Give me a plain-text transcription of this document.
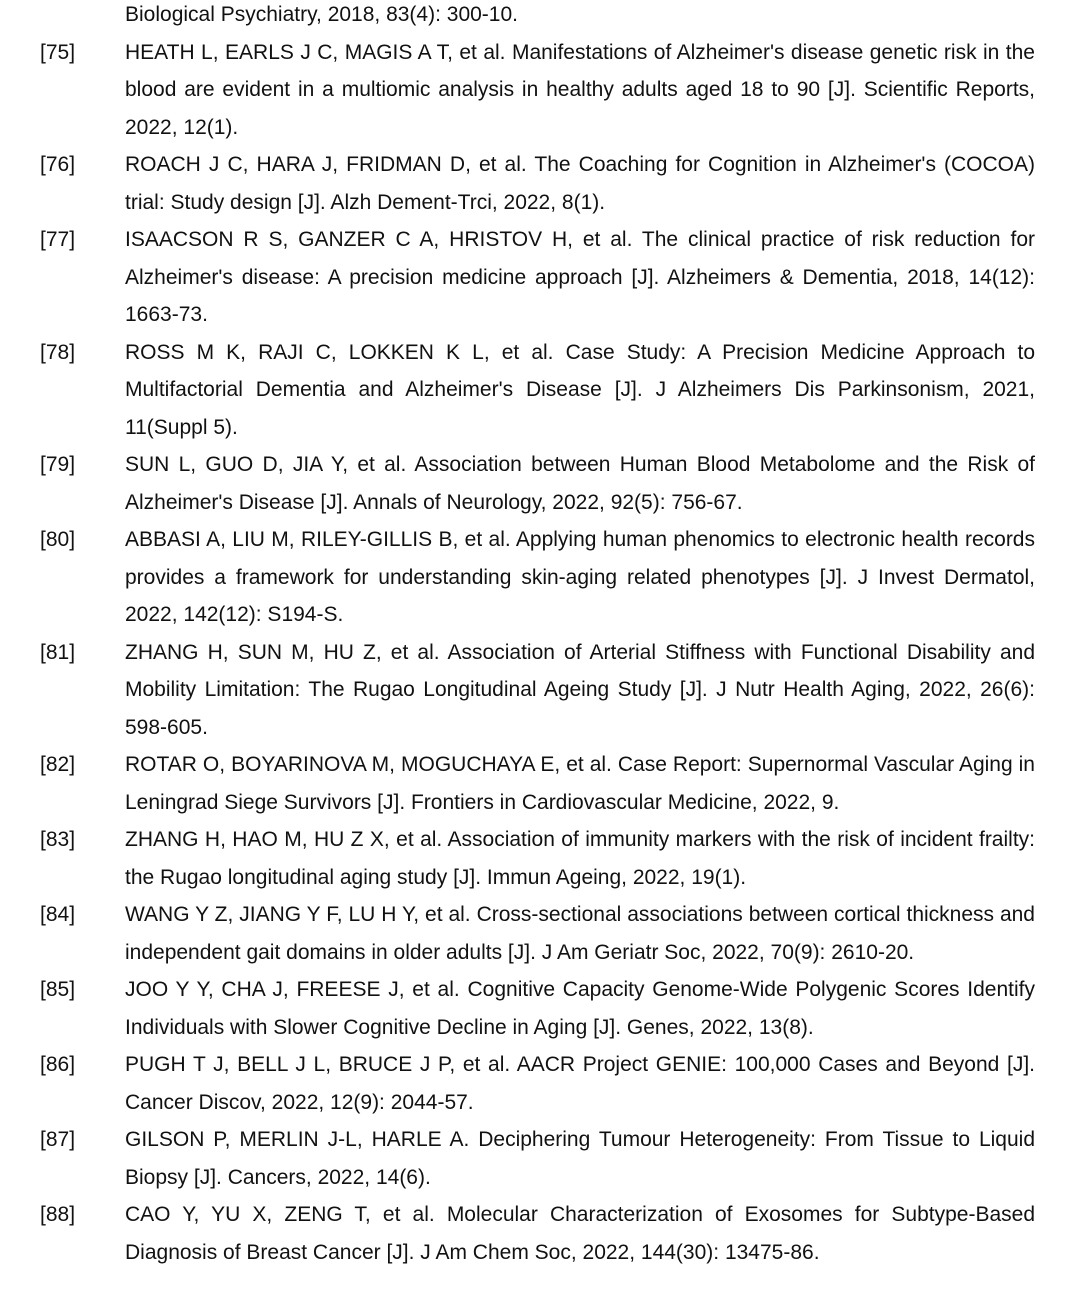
Biological Psychiatry, 2018, 83(4): 300-10.
[75]	HEATH L, EARLS J C, MAGIS A T, et al. Manifestations of Alzheimer's disease genetic risk in the blood are evident in a multiomic analysis in healthy adults aged 18 to 90 [J]. Scientific Reports, 2022, 12(1).
[76]	ROACH J C, HARA J, FRIDMAN D, et al. The Coaching for Cognition in Alzheimer's (COCOA) trial: Study design [J]. Alzh Dement-Trci, 2022, 8(1).
[77]	ISAACSON R S, GANZER C A, HRISTOV H, et al. The clinical practice of risk reduction for Alzheimer's disease: A precision medicine approach [J]. Alzheimers & Dementia, 2018, 14(12): 1663-73.
[78]	ROSS M K, RAJI C, LOKKEN K L, et al. Case Study: A Precision Medicine Approach to Multifactorial Dementia and Alzheimer's Disease [J]. J Alzheimers Dis Parkinsonism, 2021, 11(Suppl 5).
[79]	SUN L, GUO D, JIA Y, et al. Association between Human Blood Metabolome and the Risk of Alzheimer's Disease [J]. Annals of Neurology, 2022, 92(5): 756-67.
[80]	ABBASI A, LIU M, RILEY-GILLIS B, et al. Applying human phenomics to electronic health records provides a framework for understanding skin-aging related phenotypes [J]. J Invest Dermatol, 2022, 142(12): S194-S.
[81]	ZHANG H, SUN M, HU Z, et al. Association of Arterial Stiffness with Functional Disability and Mobility Limitation: The Rugao Longitudinal Ageing Study [J]. J Nutr Health Aging, 2022, 26(6): 598-605.
[82]	ROTAR O, BOYARINOVA M, MOGUCHAYA E, et al. Case Report: Supernormal Vascular Aging in Leningrad Siege Survivors [J]. Frontiers in Cardiovascular Medicine, 2022, 9.
[83]	ZHANG H, HAO M, HU Z X, et al. Association of immunity markers with the risk of incident frailty: the Rugao longitudinal aging study [J]. Immun Ageing, 2022, 19(1).
[84]	WANG Y Z, JIANG Y F, LU H Y, et al. Cross-sectional associations between cortical thickness and independent gait domains in older adults [J]. J Am Geriatr Soc, 2022, 70(9): 2610-20.
[85]	JOO Y Y, CHA J, FREESE J, et al. Cognitive Capacity Genome-Wide Polygenic Scores Identify Individuals with Slower Cognitive Decline in Aging [J]. Genes, 2022, 13(8).
[86]	PUGH T J, BELL J L, BRUCE J P, et al. AACR Project GENIE: 100,000 Cases and Beyond [J]. Cancer Discov, 2022, 12(9): 2044-57.
[87]	GILSON P, MERLIN J-L, HARLE A. Deciphering Tumour Heterogeneity: From Tissue to Liquid Biopsy [J]. Cancers, 2022, 14(6).
[88]	CAO Y, YU X, ZENG T, et al. Molecular Characterization of Exosomes for Subtype-Based Diagnosis of Breast Cancer [J]. J Am Chem Soc, 2022, 144(30): 13475-86.
